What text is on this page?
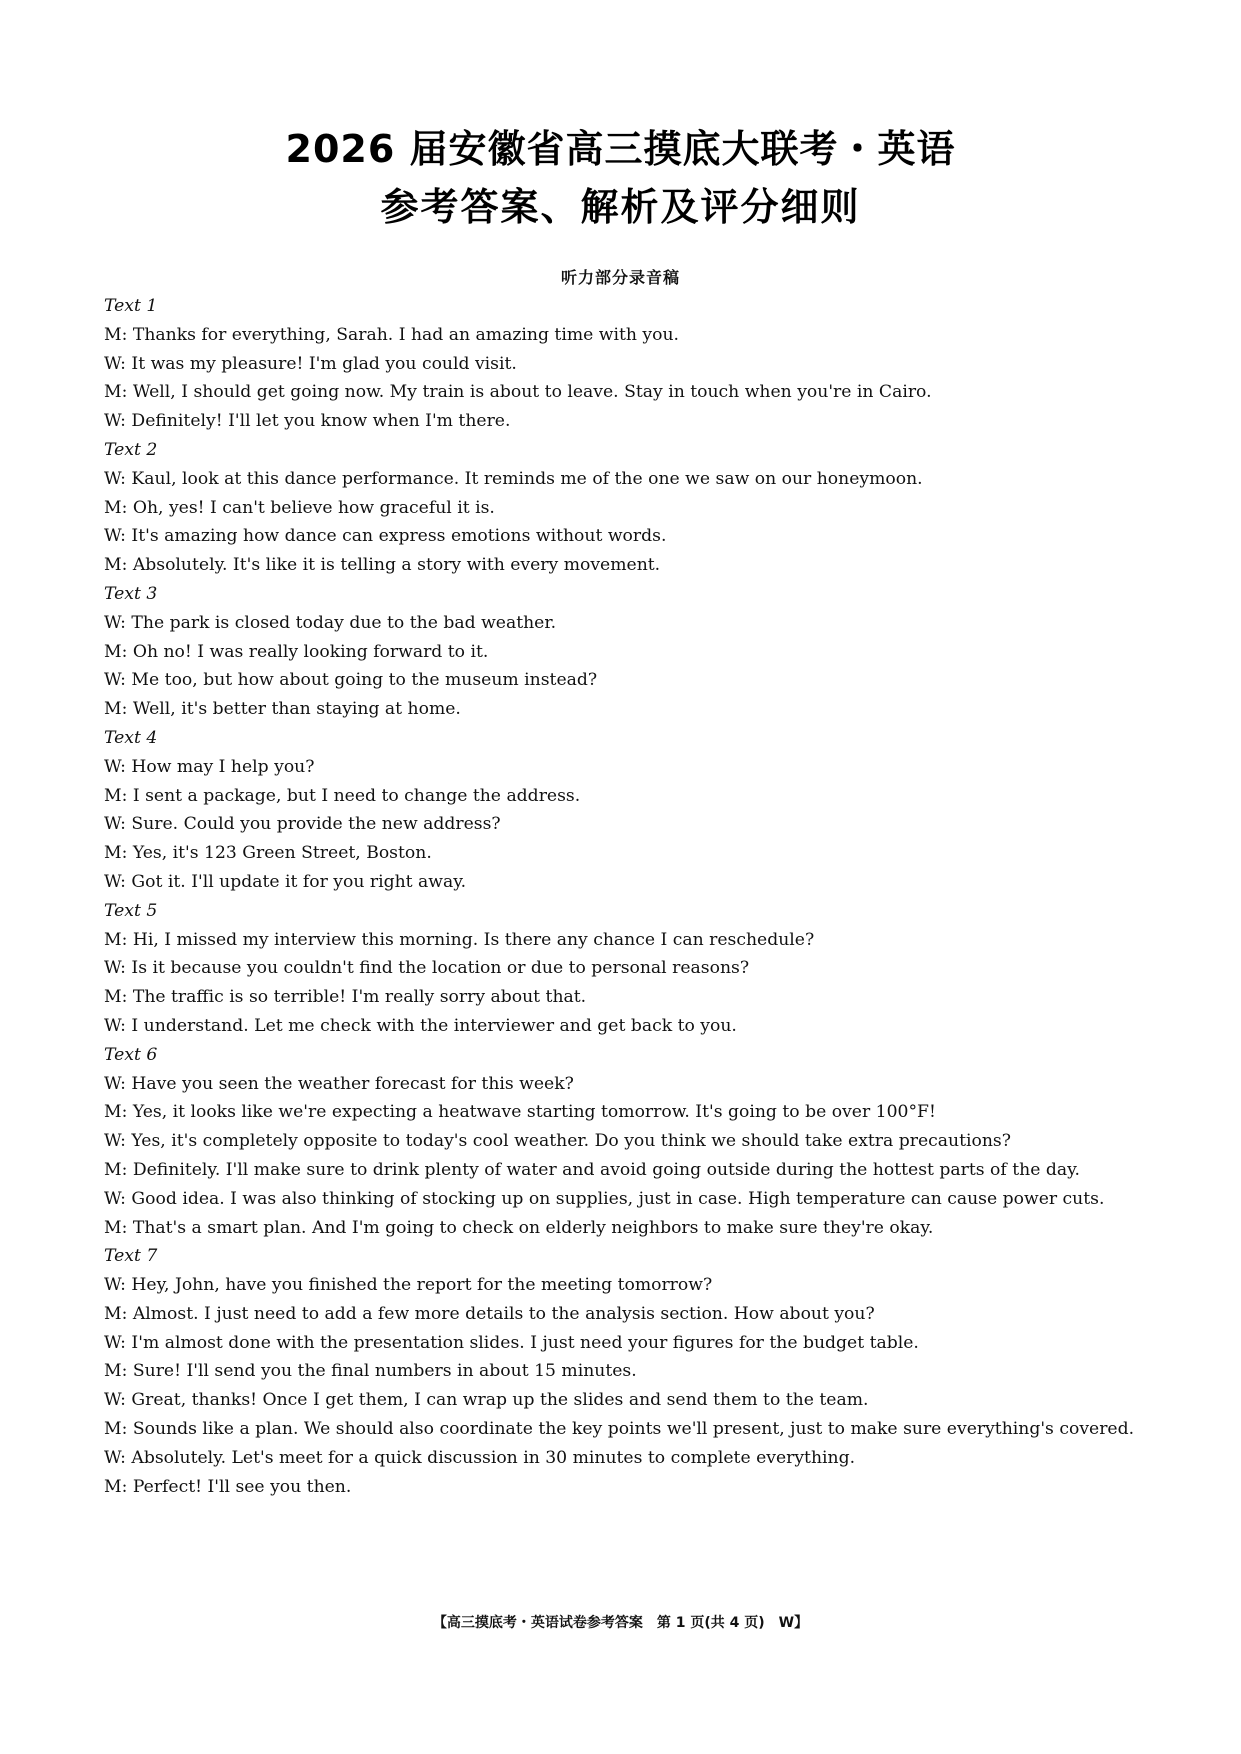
2026 届安徽省高三摸底大联考・英语
参考答案、解析及评分细则
听力部分录音稿
Text 1
M: Thanks for everything, Sarah. I had an amazing time with you.
W: It was my pleasure! I'm glad you could visit.
M: Well, I should get going now. My train is about to leave. Stay in touch when you're in Cairo.
W: Definitely! I'll let you know when I'm there.
Text 2
W: Kaul, look at this dance performance. It reminds me of the one we saw on our honeymoon.
M: Oh, yes! I can't believe how graceful it is.
W: It's amazing how dance can express emotions without words.
M: Absolutely. It's like it is telling a story with every movement.
Text 3
W: The park is closed today due to the bad weather.
M: Oh no! I was really looking forward to it.
W: Me too, but how about going to the museum instead?
M: Well, it's better than staying at home.
Text 4
W: How may I help you?
M: I sent a package, but I need to change the address.
W: Sure. Could you provide the new address?
M: Yes, it's 123 Green Street, Boston.
W: Got it. I'll update it for you right away.
Text 5
M: Hi, I missed my interview this morning. Is there any chance I can reschedule?
W: Is it because you couldn't find the location or due to personal reasons?
M: The traffic is so terrible! I'm really sorry about that.
W: I understand. Let me check with the interviewer and get back to you.
Text 6
W: Have you seen the weather forecast for this week?
M: Yes, it looks like we're expecting a heatwave starting tomorrow. It's going to be over 100°F!
W: Yes, it's completely opposite to today's cool weather. Do you think we should take extra precautions?
M: Definitely. I'll make sure to drink plenty of water and avoid going outside during the hottest parts of the day.
W: Good idea. I was also thinking of stocking up on supplies, just in case. High temperature can cause power cuts.
M: That's a smart plan. And I'm going to check on elderly neighbors to make sure they're okay.
Text 7
W: Hey, John, have you finished the report for the meeting tomorrow?
M: Almost. I just need to add a few more details to the analysis section. How about you?
W: I'm almost done with the presentation slides. I just need your figures for the budget table.
M: Sure! I'll send you the final numbers in about 15 minutes.
W: Great, thanks! Once I get them, I can wrap up the slides and send them to the team.
M: Sounds like a plan. We should also coordinate the key points we'll present, just to make sure everything's covered.
W: Absolutely. Let's meet for a quick discussion in 30 minutes to complete everything.
M: Perfect! I'll see you then.
【高三摸底考・英语试卷参考答案　第 1 页(共 4 页)　W】
